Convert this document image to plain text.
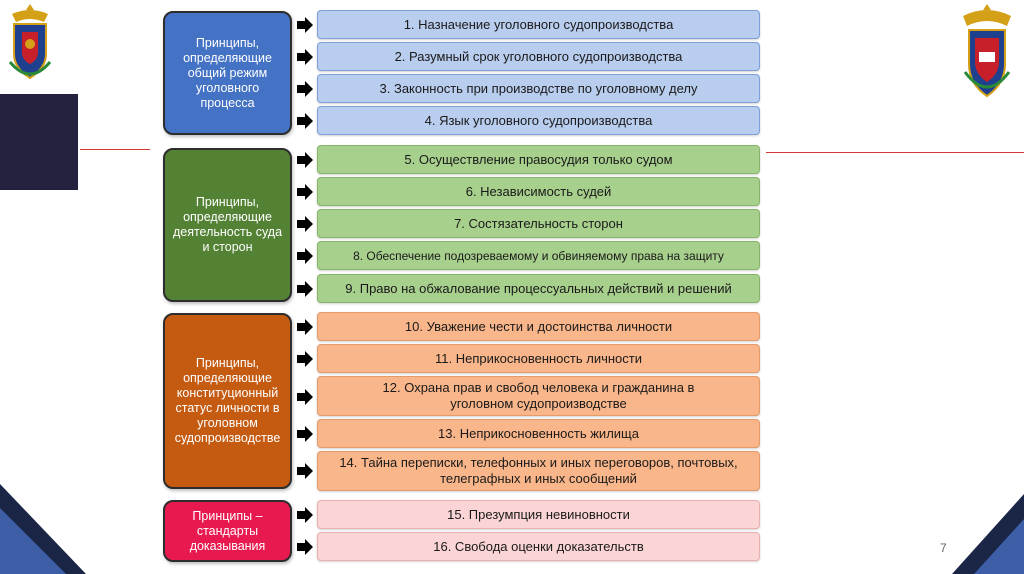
Принципы, определяющие общий режим уголовного процесса
Принципы, определяющие деятельность суда и сторон
Принципы, определяющие конституционный статус личности в уголовном судопроизводстве
Принципы – стандарты доказывания
1. Назначение уголовного судопроизводства
2. Разумный срок уголовного судопроизводства
3. Законность при производстве по уголовному делу
4. Язык уголовного судопроизводства
5. Осуществление правосудия только судом
6. Независимость судей
7. Состязательность сторон
8. Обеспечение подозреваемому и обвиняемому права на защиту
9. Право на обжалование процессуальных действий и решений
10. Уважение чести и достоинства личности
11. Неприкосновенность личности
12. Охрана прав и свобод человека и гражданина в уголовном судопроизводстве
13. Неприкосновенность жилища
14. Тайна переписки, телефонных и иных переговоров, почтовых, телеграфных и иных сообщений
15. Презумпция невиновности
16. Свобода оценки доказательств	7
